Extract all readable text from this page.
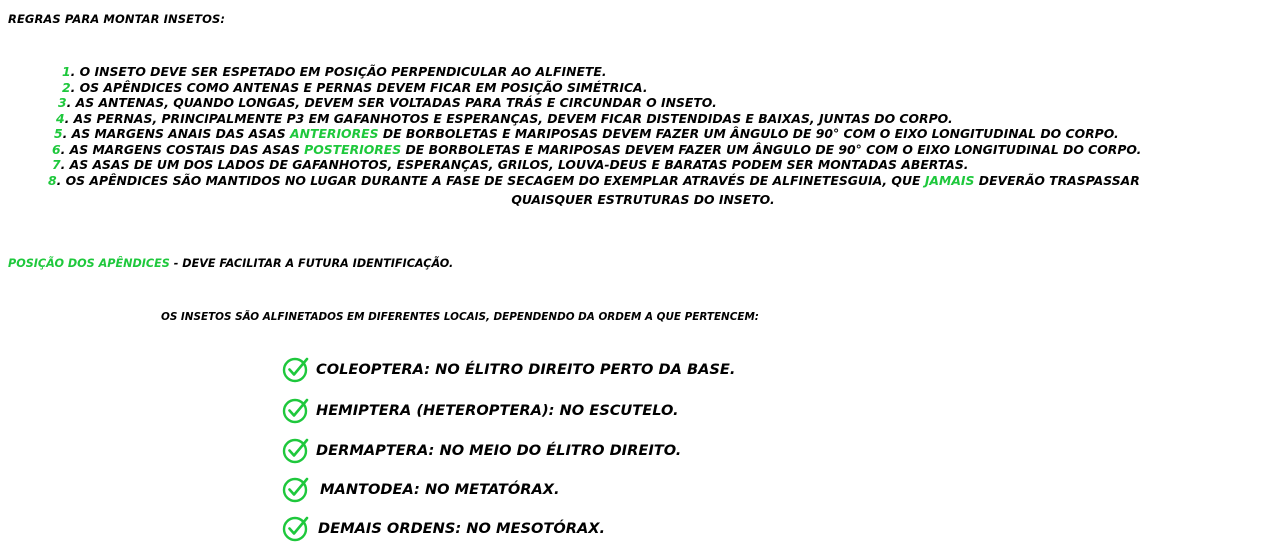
REGRAS PARA MONTAR INSETOS:
1. O INSETO DEVE SER ESPETADO EM POSIÇÃO PERPENDICULAR AO ALFINETE.
2. OS APÊNDICES COMO ANTENAS E PERNAS DEVEM FICAR EM POSIÇÃO SIMÉTRICA.
3. AS ANTENAS, QUANDO LONGAS, DEVEM SER VOLTADAS PARA TRÁS E CIRCUNDAR O INSETO.
4. AS PERNAS, PRINCIPALMENTE P3 EM GAFANHOTOS E ESPERANÇAS, DEVEM FICAR DISTENDIDAS E BAIXAS, JUNTAS DO CORPO.
5. AS MARGENS ANAIS DAS ASAS ANTERIORES DE BORBOLETAS E MARIPOSAS DEVEM FAZER UM ÂNGULO DE 90° COM O EIXO LONGITUDINAL DO CORPO.
6. AS MARGENS COSTAIS DAS ASAS POSTERIORES DE BORBOLETAS E MARIPOSAS DEVEM FAZER UM ÂNGULO DE 90° COM O EIXO LONGITUDINAL DO CORPO.
7. AS ASAS DE UM DOS LADOS DE GAFANHOTOS, ESPERANÇAS, GRILOS, LOUVA-DEUS E BARATAS PODEM SER MONTADAS ABERTAS.
8. OS APÊNDICES SÃO MANTIDOS NO LUGAR DURANTE A FASE DE SECAGEM DO EXEMPLAR ATRAVÉS DE ALFINETESGUIA, QUE JAMAIS DEVERÃO TRASPASSAR
QUAISQUER ESTRUTURAS DO INSETO.
POSIÇÃO DOS APÊNDICES - DEVE FACILITAR A FUTURA IDENTIFICAÇÃO.
OS INSETOS SÃO ALFINETADOS EM DIFERENTES LOCAIS, DEPENDENDO DA ORDEM A QUE PERTENCEM:
COLEOPTERA: NO ÉLITRO DIREITO PERTO DA BASE.
HEMIPTERA (HETEROPTERA): NO ESCUTELO.
DERMAPTERA: NO MEIO DO ÉLITRO DIREITO.
MANTODEA: NO METATÓRAX.
DEMAIS ORDENS: NO MESOTÓRAX.
